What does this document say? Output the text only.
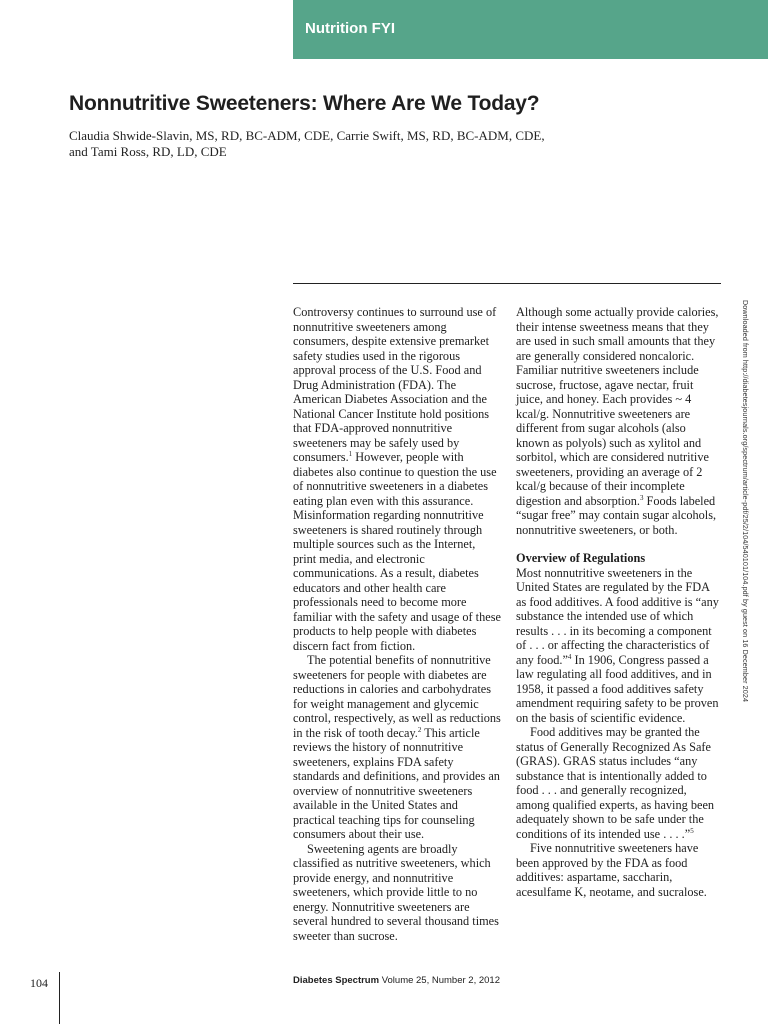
Nutrition FYI
Nonnutritive Sweeteners: Where Are We Today?
Claudia Shwide-Slavin, MS, RD, BC-ADM, CDE, Carrie Swift, MS, RD, BC-ADM, CDE,
and Tami Ross, RD, LD, CDE

Controversy continues to surround use of nonnutritive sweeteners among consumers, despite extensive premarket safety studies used in the rigorous approval process of the U.S. Food and Drug Administration (FDA). The American Diabetes Association and the National Cancer Institute hold positions that FDA-approved nonnutritive sweeteners may be safely used by consumers.$^1$ However, people with diabetes also continue to question the use of nonnutritive sweeteners in a diabetes eating plan even with this assurance. Misinformation regarding nonnutritive sweeteners is shared routinely through multiple sources such as the Internet, print media, and electronic communications. As a result, diabetes educators and other health care professionals need to become more familiar with the safety and usage of these products to help people with diabetes discern fact from fiction.

The potential benefits of nonnutritive sweeteners for people with diabetes are reductions in calories and carbohydrates for weight management and glycemic control, respectively, as well as reductions in the risk of tooth decay.$^2$ This article reviews the history of nonnutritive sweeteners, explains FDA safety standards and definitions, and provides an overview of nonnutritive sweeteners available in the United States and practical teaching tips for counseling consumers about their use.

Sweetening agents are broadly classified as nutritive sweeteners, which provide energy, and nonnutritive sweeteners, which provide little to no energy. Nonnutritive sweeteners are several hundred to several thousand times sweeter than sucrose.

Although some actually provide calories, their intense sweetness means that they are used in such small amounts that they are generally considered noncaloric. Familiar nutritive sweeteners include sucrose, fructose, agave nectar, fruit juice, and honey. Each provides ~ 4 kcal/g. Nonnutritive sweeteners are different from sugar alcohols (also known as polyols) such as xylitol and sorbitol, which are considered nutritive sweeteners, providing an average of 2 kcal/g because of their incomplete digestion and absorption.$^3$ Foods labeled “sugar free” may contain sugar alcohols, nonnutritive sweeteners, or both.

Overview of Regulations

Most nonnutritive sweeteners in the United States are regulated by the FDA as food additives. A food additive is “any substance the intended use of which results . . . in its becoming a component of . . . or affecting the characteristics of any food.”$^4$ In 1906, Congress passed a law regulating all food additives, and in 1958, it passed a food additives safety amendment requiring safety to be proven on the basis of scientific evidence.

Food additives may be granted the status of Generally Recognized As Safe (GRAS). GRAS status includes “any substance that is intentionally added to food . . . and generally recognized, among qualified experts, as having been adequately shown to be safe under the conditions of its intended use . . . .”$^5$

Five nonnutritive sweeteners have been approved by the FDA as food additives: aspartame, saccharin, acesulfame K, neotame, and sucralose.

Downloaded from http://diabetesjournals.org/spectrum/article-pdf/25/2/104/540101/104.pdf by guest on 16 December 2024
104	Diabetes Spectrum Volume 25, Number 2, 2012
